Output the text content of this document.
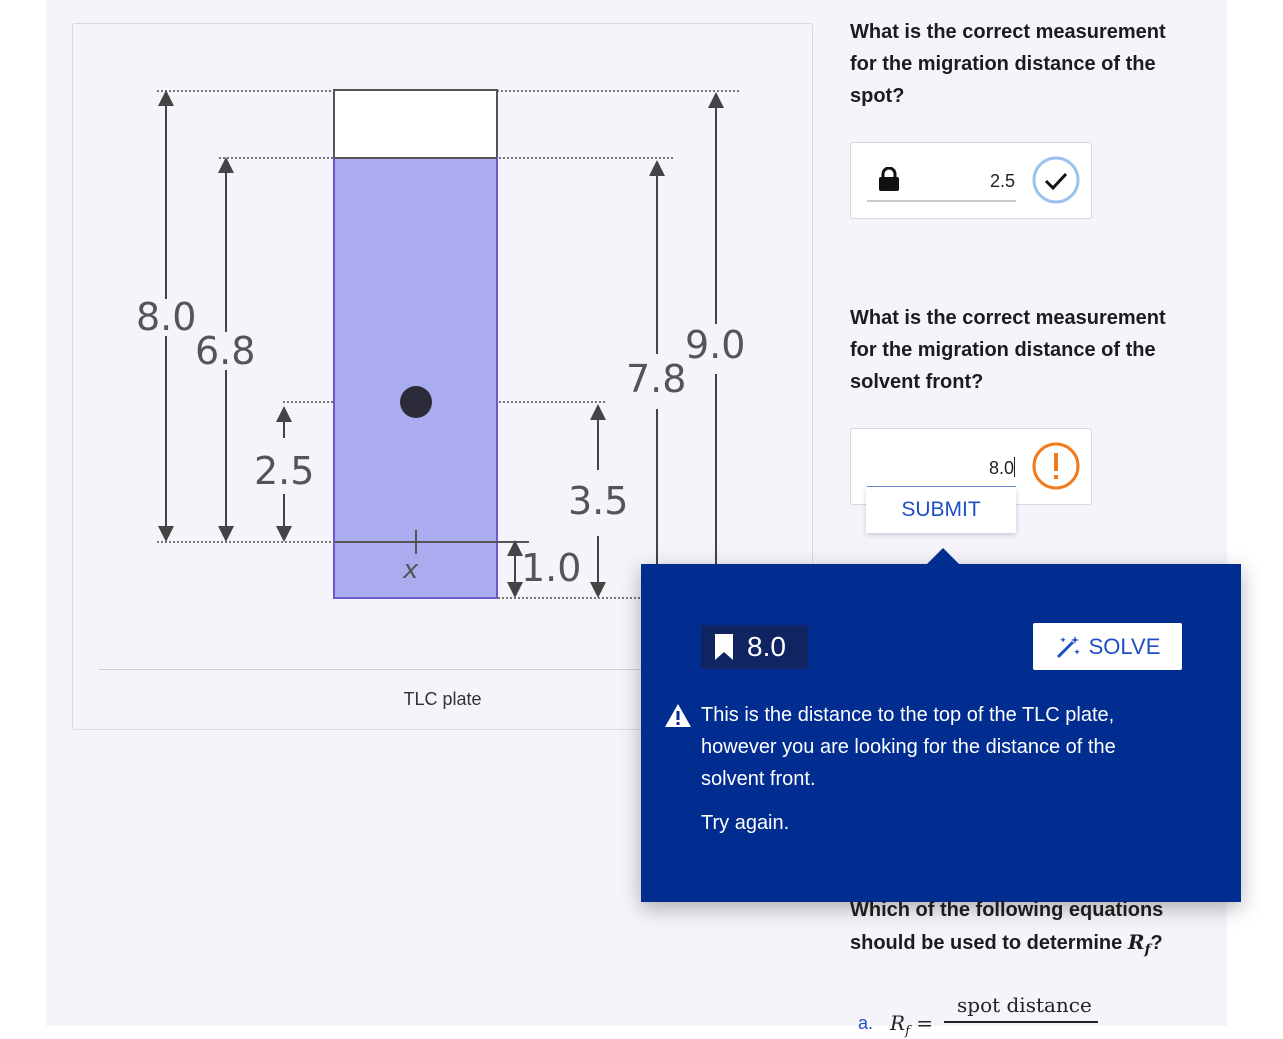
8.0
6.8
2.5
3.5
1.0
7.8
9.0
x
TLC plate
What is the correct measurement for the migration distance of the spot?
2.5
What is the correct measurement for the migration distance of the solvent front?
8.0
SUBMIT
8.0	SOLVE
This is the distance to the top of the TLC plate, however you are looking for the distance of the solvent front.
Try again.
Which of the following equations should be used to determine $R_f$?
a. $R_f$ =
spot distance
